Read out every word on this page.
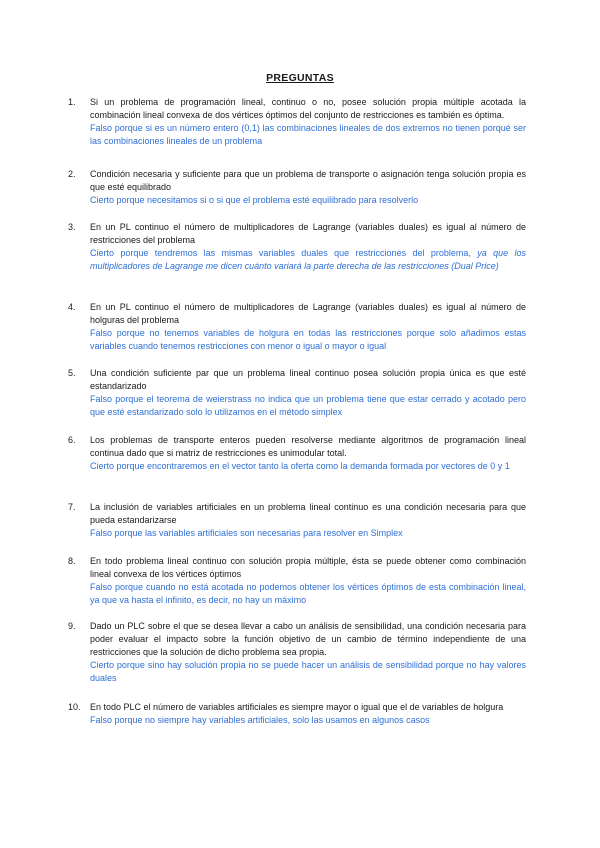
PREGUNTAS
1.	Si un problema de programación lineal, continuo o no, posee solución propia múltiple acotada la combinación lineal convexa de dos vértices óptimos del conjunto de restricciones es también es óptima.
Falso porque si es un número entero (0,1) las combinaciones lineales de dos extremos no tienen porqué ser las combinaciones lineales de un problema
2.	Condición necesaria y suficiente para que un problema de transporte o asignación tenga solución propia es que esté equilibrado
Cierto porque necesitamos si o si que el problema esté equilibrado para resolverlo
3.	En un PL continuo el número de multiplicadores de Lagrange (variables duales) es igual al número de restricciones del problema
Cierto porque tendremos las mismas variables duales que restricciones del problema, ya que los multiplicadores de Lagrange me dicen cuánto variará la parte derecha de las restricciones (Dual Price)
4.	En un PL continuo el número de multiplicadores de Lagrange (variables duales) es igual al número de holguras del problema
Falso porque no tenemos variables de holgura en todas las restricciones porque solo añadimos estas variables cuando tenemos restricciones con menor o igual o mayor o igual
5.	Una condición suficiente par que un problema lineal continuo posea solución propia única es que esté estandarizado
Falso porque el teorema de weierstrass no indica que un problema tiene que estar cerrado y acotado pero que esté estandarizado solo lo utilizamos en el método simplex
6.	Los problemas de transporte enteros pueden resolverse mediante algoritmos de programación lineal continua dado que si matriz de restricciones es unimodular total.
Cierto porque encontraremos en el vector tanto la oferta como la demanda formada por vectores de 0 y 1
7.	La inclusión de variables artificiales en un problema lineal continuo es una condición necesaria para que pueda estandarizarse
Falso porque las variables artificiales son necesarias para resolver en Simplex
8.	En todo problema lineal continuo con solución propia múltiple, ésta se puede obtener como combinación lineal convexa de los vértices óptimos
Falso porque cuando no está acotada no podemos obtener los vértices óptimos de esta combinación lineal, ya que va hasta el infinito, es decir, no hay un máximo
9.	Dado un PLC sobre el que se desea llevar a cabo un análisis de sensibilidad, una condición necesaria para poder evaluar el impacto sobre la función objetivo de un cambio de término independiente de una restricciones que la solución de dicho problema sea propia.
Cierto porque sino hay solución propia no se puede hacer un análisis de sensibilidad porque no hay valores duales
10.	En todo PLC el número de variables artificiales es siempre mayor o igual que el de variables de holgura
Falso porque no siempre hay variables artificiales, solo las usamos en algunos casos
